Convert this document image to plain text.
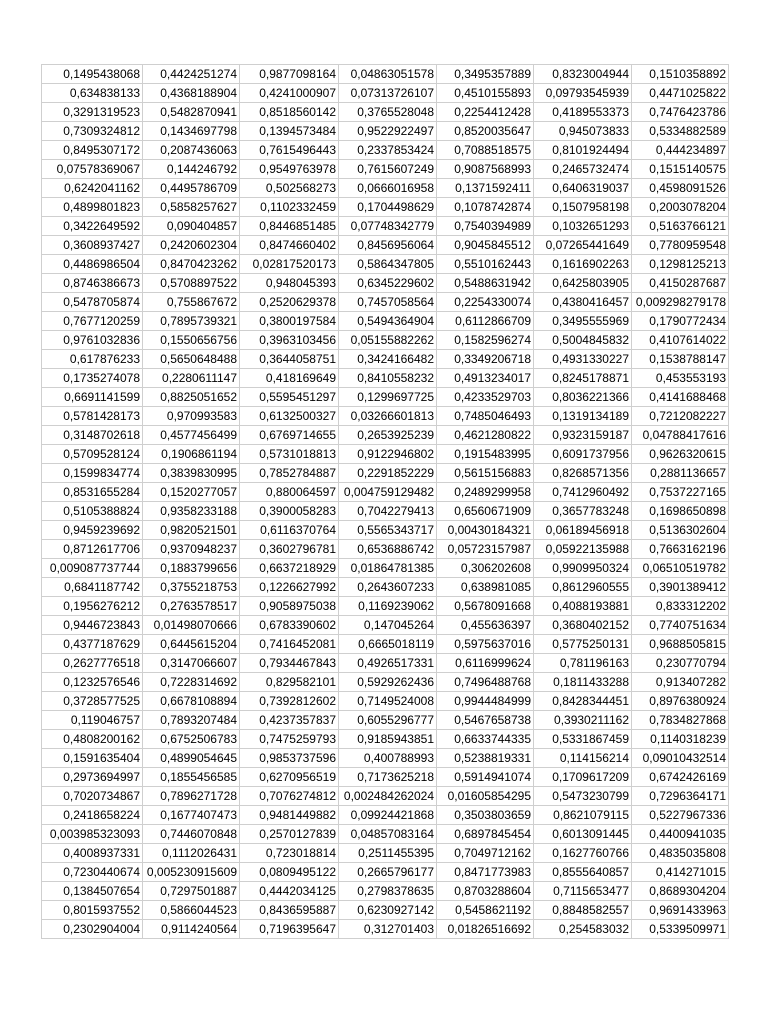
0,1495438068	0,4424251274	0,9877098164	0,04863051578	0,3495357889	0,8323004944	0,1510358892
0,634838133	0,4368188904	0,4241000907	0,07313726107	0,4510155893	0,09793545939	0,4471025822
0,3291319523	0,5482870941	0,8518560142	0,3765528048	0,2254412428	0,4189553373	0,7476423786
0,7309324812	0,1434697798	0,1394573484	0,9522922497	0,8520035647	0,945073833	0,5334882589
0,8495307172	0,2087436063	0,7615496443	0,2337853424	0,7088518575	0,8101924494	0,444234897
0,07578369067	0,144246792	0,9549763978	0,7615607249	0,9087568993	0,2465732474	0,1515140575
0,6242041162	0,4495786709	0,502568273	0,0666016958	0,1371592411	0,6406319037	0,4598091526
0,4899801823	0,5858257627	0,1102332459	0,1704498629	0,1078742874	0,1507958198	0,2003078204
0,3422649592	0,090404857	0,8446851485	0,07748342779	0,7540394989	0,1032651293	0,5163766121
0,3608937427	0,2420602304	0,8474660402	0,8456956064	0,9045845512	0,07265441649	0,7780959548
0,4486986504	0,8470423262	0,02817520173	0,5864347805	0,5510162443	0,1616902263	0,1298125213
0,8746386673	0,5708897522	0,948045393	0,6345229602	0,5488631942	0,6425803905	0,4150287687
0,5478705874	0,755867672	0,2520629378	0,7457058564	0,2254330074	0,4380416457	0,009298279178
0,7677120259	0,7895739321	0,3800197584	0,5494364904	0,6112866709	0,3495555969	0,1790772434
0,9761032836	0,1550656756	0,3963103456	0,05155882262	0,1582596274	0,5004845832	0,4107614022
0,617876233	0,5650648488	0,3644058751	0,3424166482	0,3349206718	0,4931330227	0,1538788147
0,1735274078	0,2280611147	0,418169649	0,8410558232	0,4913234017	0,8245178871	0,453553193
0,6691141599	0,8825051652	0,5595451297	0,1299697725	0,4233529703	0,8036221366	0,4141688468
0,5781428173	0,970993583	0,6132500327	0,03266601813	0,7485046493	0,1319134189	0,7212082227
0,3148702618	0,4577456499	0,6769714655	0,2653925239	0,4621280822	0,9323159187	0,04788417616
0,5709528124	0,1906861194	0,5731018813	0,9122946802	0,1915483995	0,6091737956	0,9626320615
0,1599834774	0,3839830995	0,7852784887	0,2291852229	0,5615156883	0,8268571356	0,2881136657
0,8531655284	0,1520277057	0,880064597	0,004759129482	0,2489299958	0,7412960492	0,7537227165
0,5105388824	0,9358233188	0,3900058283	0,7042279413	0,6560671909	0,3657783248	0,1698650898
0,9459239692	0,9820521501	0,6116370764	0,5565343717	0,00430184321	0,06189456918	0,5136302604
0,8712617706	0,9370948237	0,3602796781	0,6536886742	0,05723157987	0,05922135988	0,7663162196
0,009087737744	0,1883799656	0,6637218929	0,01864781385	0,306202608	0,9909950324	0,06510519782
0,6841187742	0,3755218753	0,1226627992	0,2643607233	0,638981085	0,8612960555	0,3901389412
0,1956276212	0,2763578517	0,9058975038	0,1169239062	0,5678091668	0,4088193881	0,833312202
0,9446723843	0,01498070666	0,6783390602	0,147045264	0,455636397	0,3680402152	0,7740751634
0,4377187629	0,6445615204	0,7416452081	0,6665018119	0,5975637016	0,5775250131	0,9688505815
0,2627776518	0,3147066607	0,7934467843	0,4926517331	0,6116999624	0,781196163	0,230770794
0,1232576546	0,7228314692	0,829582101	0,5929262436	0,7496488768	0,1811433288	0,913407282
0,3728577525	0,6678108894	0,7392812602	0,7149524008	0,9944484999	0,8428344451	0,8976380924
0,119046757	0,7893207484	0,4237357837	0,6055296777	0,5467658738	0,3930211162	0,7834827868
0,4808200162	0,6752506783	0,7475259793	0,9185943851	0,6633744335	0,5331867459	0,1140318239
0,1591635404	0,4899054645	0,9853737596	0,400788993	0,5238819331	0,114156214	0,09010432514
0,2973694997	0,1855456585	0,6270956519	0,7173625218	0,5914941074	0,1709617209	0,6742426169
0,7020734867	0,7896271728	0,7076274812	0,002484262024	0,01605854295	0,5473230799	0,7296364171
0,2418658224	0,1677407473	0,9481449882	0,09924421868	0,3503803659	0,8621079115	0,5227967336
0,003985323093	0,7446070848	0,2570127839	0,04857083164	0,6897845454	0,6013091445	0,4400941035
0,4008937331	0,1112026431	0,723018814	0,2511455395	0,7049712162	0,1627760766	0,4835035808
0,7230440674	0,005230915609	0,0809495122	0,2665796177	0,8471773983	0,8555640857	0,414271015
0,1384507654	0,7297501887	0,4442034125	0,2798378635	0,8703288604	0,7115653477	0,8689304204
0,8015937552	0,5866044523	0,8436595887	0,6230927142	0,5458621192	0,8848582557	0,9691433963
0,2302904004	0,9114240564	0,7196395647	0,312701403	0,01826516692	0,254583032	0,5339509971
